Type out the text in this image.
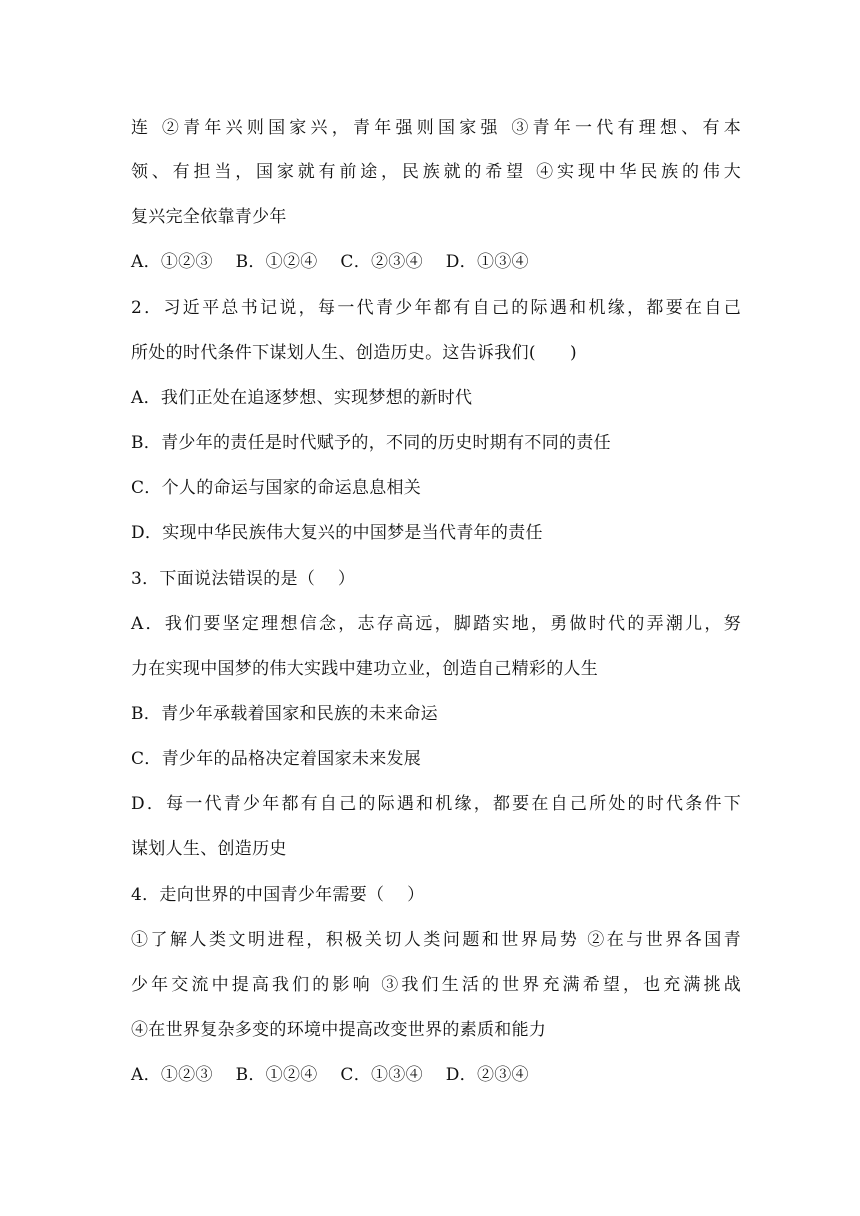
连 ②青年兴则国家兴，青年强则国家强 ③青年一代有理想、有本
领、有担当，国家就有前途，民族就的希望 ④实现中华民族的伟大
复兴完全依靠青少年
A．①②③    B．①②④    C．②③④    D．①③④
2．习近平总书记说，每一代青少年都有自己的际遇和机缘，都要在自己
所处的时代条件下谋划人生、创造历史。这告诉我们(      )
A．我们正处在追逐梦想、实现梦想的新时代
B．青少年的责任是时代赋予的，不同的历史时期有不同的责任
C．个人的命运与国家的命运息息相关
D．实现中华民族伟大复兴的中国梦是当代青年的责任
3．下面说法错误的是（    ）
A．我们要坚定理想信念，志存高远，脚踏实地，勇做时代的弄潮儿，努
力在实现中国梦的伟大实践中建功立业，创造自己精彩的人生
B．青少年承载着国家和民族的未来命运
C．青少年的品格决定着国家未来发展
D．每一代青少年都有自己的际遇和机缘，都要在自己所处的时代条件下
谋划人生、创造历史
4．走向世界的中国青少年需要（    ）
①了解人类文明进程，积极关切人类问题和世界局势 ②在与世界各国青
少年交流中提高我们的影响 ③我们生活的世界充满希望，也充满挑战
④在世界复杂多变的环境中提高改变世界的素质和能力
A．①②③    B．①②④    C．①③④    D．②③④
